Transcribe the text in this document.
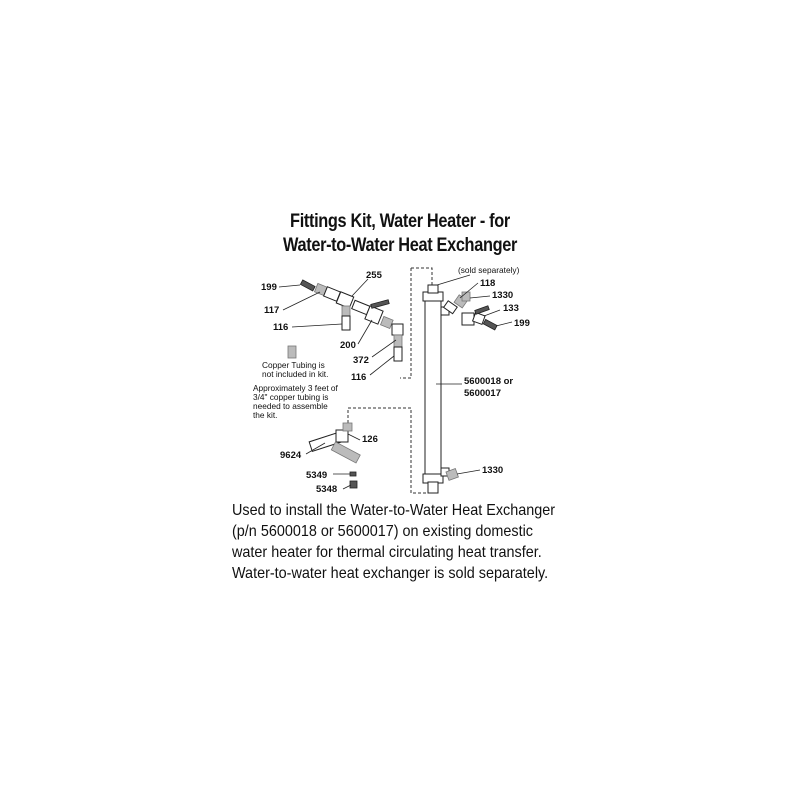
Fittings Kit, Water Heater - for
Water-to-Water Heat Exchanger
199
117
255
116
200
372
116
(sold separately)
118
1330
133
199
5600018 or
5600017
126
9624
5349
5348
1330
Copper Tubing is
not included in kit.
Approximately 3 feet of
3/4" copper tubing is
needed to assemble
the kit.
Used to install the Water-to-Water Heat Exchanger
(p/n 5600018 or 5600017) on existing domestic
water heater for thermal circulating heat transfer.
Water-to-water heat exchanger is sold separately.
